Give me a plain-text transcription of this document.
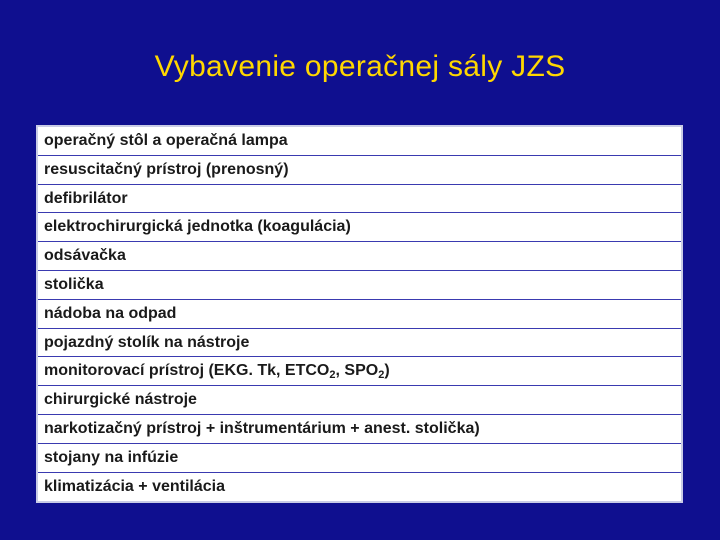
Vybavenie operačnej sály JZS
operačný stôl a operačná lampa
resuscitačný prístroj (prenosný)
defibrilátor
elektrochirurgická jednotka (koagulácia)
odsávačka
stolička
nádoba na odpad
pojazdný stolík na nástroje
monitorovací prístroj (EKG. Tk, $ETCO_2$, $SPO_2$)
chirurgické nástroje
narkotizačný prístroj + inštrumentárium + anest. stolička)
stojany na infúzie
klimatizácia + ventilácia
